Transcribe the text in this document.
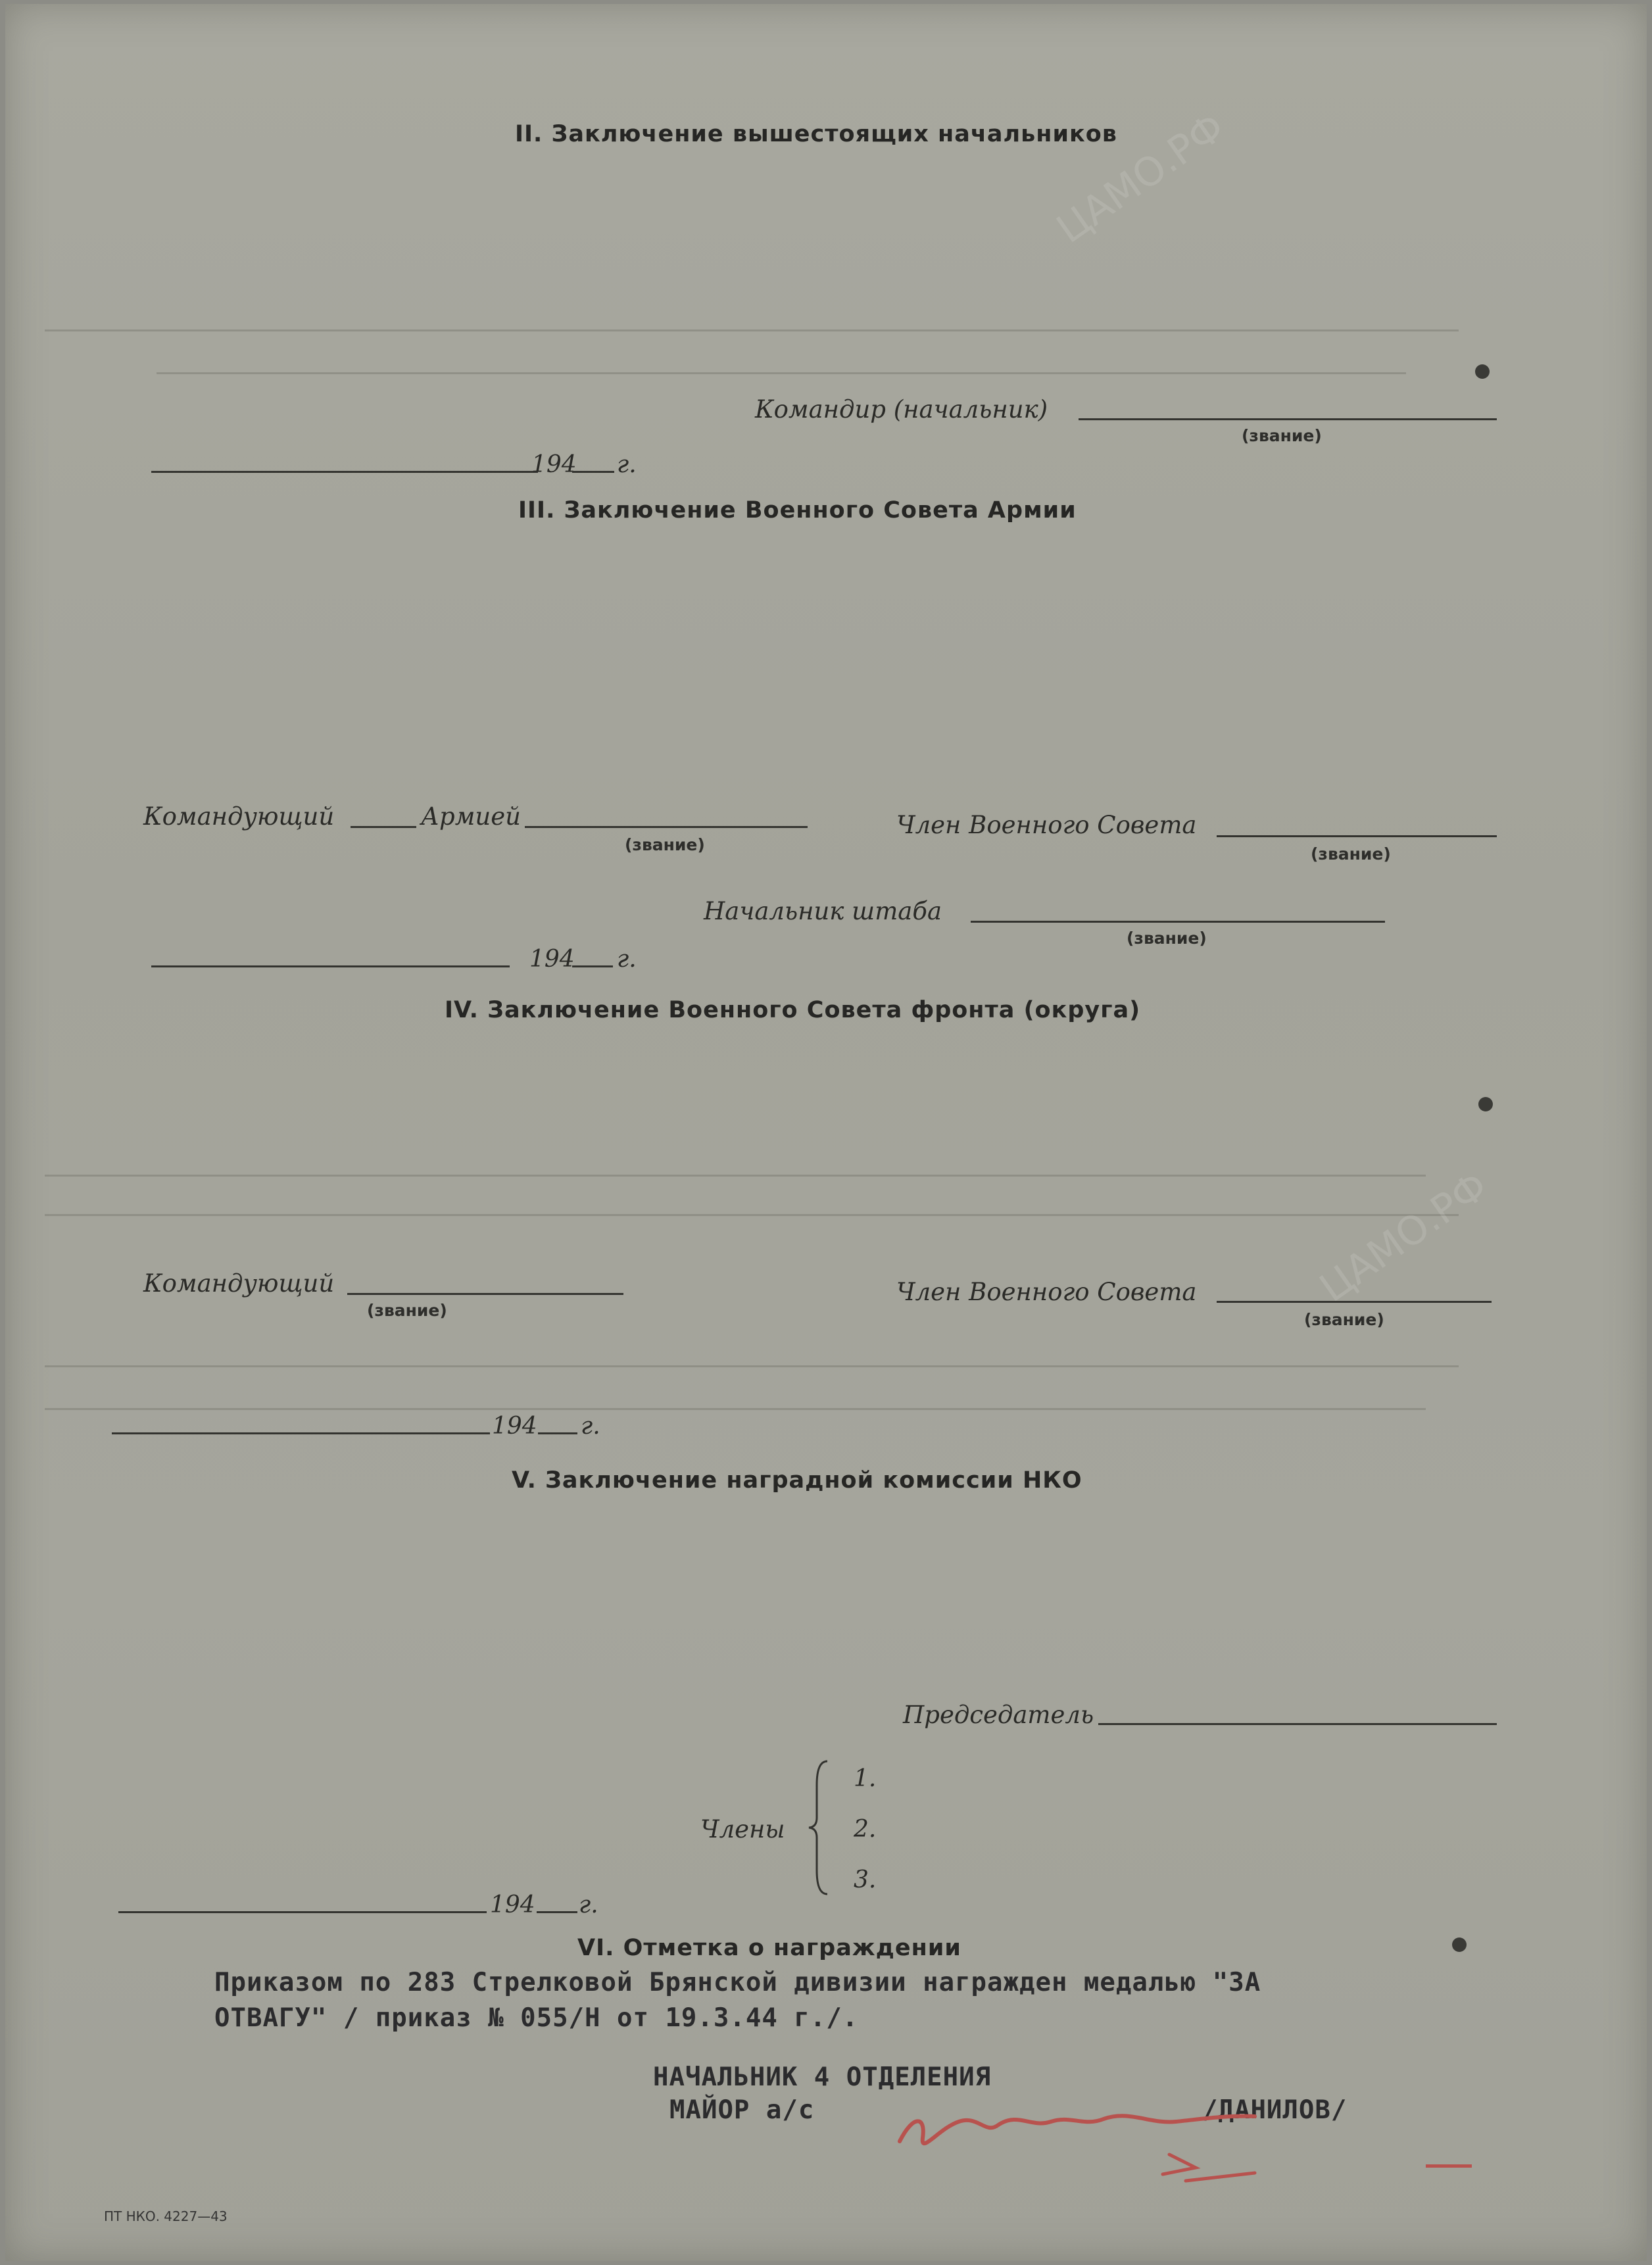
ЦАМО.РФ
ЦАМО.РФ
II. Заключение вышестоящих начальников
Командир (начальник)
(звание)
194 г.
III. Заключение Военного Совета Армии
Командующий	Армией
(звание)
Член Военного Совета
(звание)
Начальник штаба
(звание)
194 г.
IV. Заключение Военного Совета фронта (округа)
Командующий
(звание)
Член Военного Совета
(звание)
194 г.
V. Заключение наградной комиссии НКО
Председатель
Члены
1.
2.
3.
194 г.
VI. Отметка о награждении
Приказом по 283 Стрелковой Брянской дивизии награжден медалью "ЗА
ОТВАГУ" / приказ № 055/Н от 19.3.44 г./.
НАЧАЛЬНИК 4 ОТДЕЛЕНИЯ
МАЙОР а/с	/ДАНИЛОВ/
ПТ НКО. 4227—43
